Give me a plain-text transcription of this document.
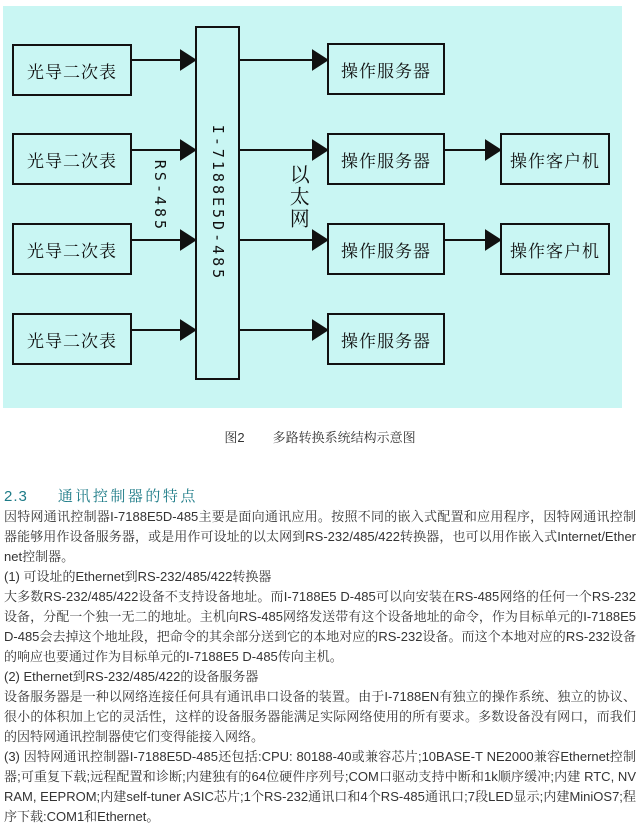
光导二次表
光导二次表
光导二次表
光导二次表
RS-485	I-7188E5D-485	以太网
操作服务器
操作服务器
操作服务器
操作服务器
操作客户机
操作客户机
图2 多路转换系统结构示意图
2.3 通讯控制器的特点

因特网通讯控制器I-7188E5D-485主要是面向通讯应用。按照不同的嵌入式配置和应用程序，因特网通讯控制器能够用作设备服务器，或是用作可设址的以太网到RS-232/485/422转换器，也可以用作嵌入式Internet/Ethernet控制器。

(1) 可设址的Ethernet到RS-232/485/422转换器

大多数RS-232/485/422设备不支持设备地址。而I-7188E5 D-485可以向安装在RS-485网络的任何一个RS-232设备，分配一个独一无二的地址。主机向RS-485网络发送带有这个设备地址的命令，作为目标单元的I-7188E5 D-485会去掉这个地址段，把命令的其余部分送到它的本地对应的RS-232设备。而这个本地对应的RS-232设备的响应也要通过作为目标单元的I-7188E5 D-485传向主机。

(2) Ethernet到RS-232/485/422的设备服务器

设备服务器是一种以网络连接任何具有通讯串口设备的装置。由于I-7188EN有独立的操作系统、独立的协议、很小的体积加上它的灵活性，这样的设备服务器能满足实际网络使用的所有要求。多数设备没有网口，而我们的因特网通讯控制器使它们变得能接入网络。

(3) 因特网通讯控制器I-7188E5D-485还包括:CPU: 80188-40或兼容芯片;10BASE-T NE2000兼容Ethernet控制器;可重复下载;远程配置和诊断;内建独有的64位硬件序列号;COM口驱动支持中断和1k顺序缓冲;内建 RTC, NVRAM, EEPROM;内建self-tuner ASIC芯片;1个RS-232通讯口和4个RS-485通讯口;7段LED显示;内建MiniOS7;程序下载:COM1和Ethernet。
